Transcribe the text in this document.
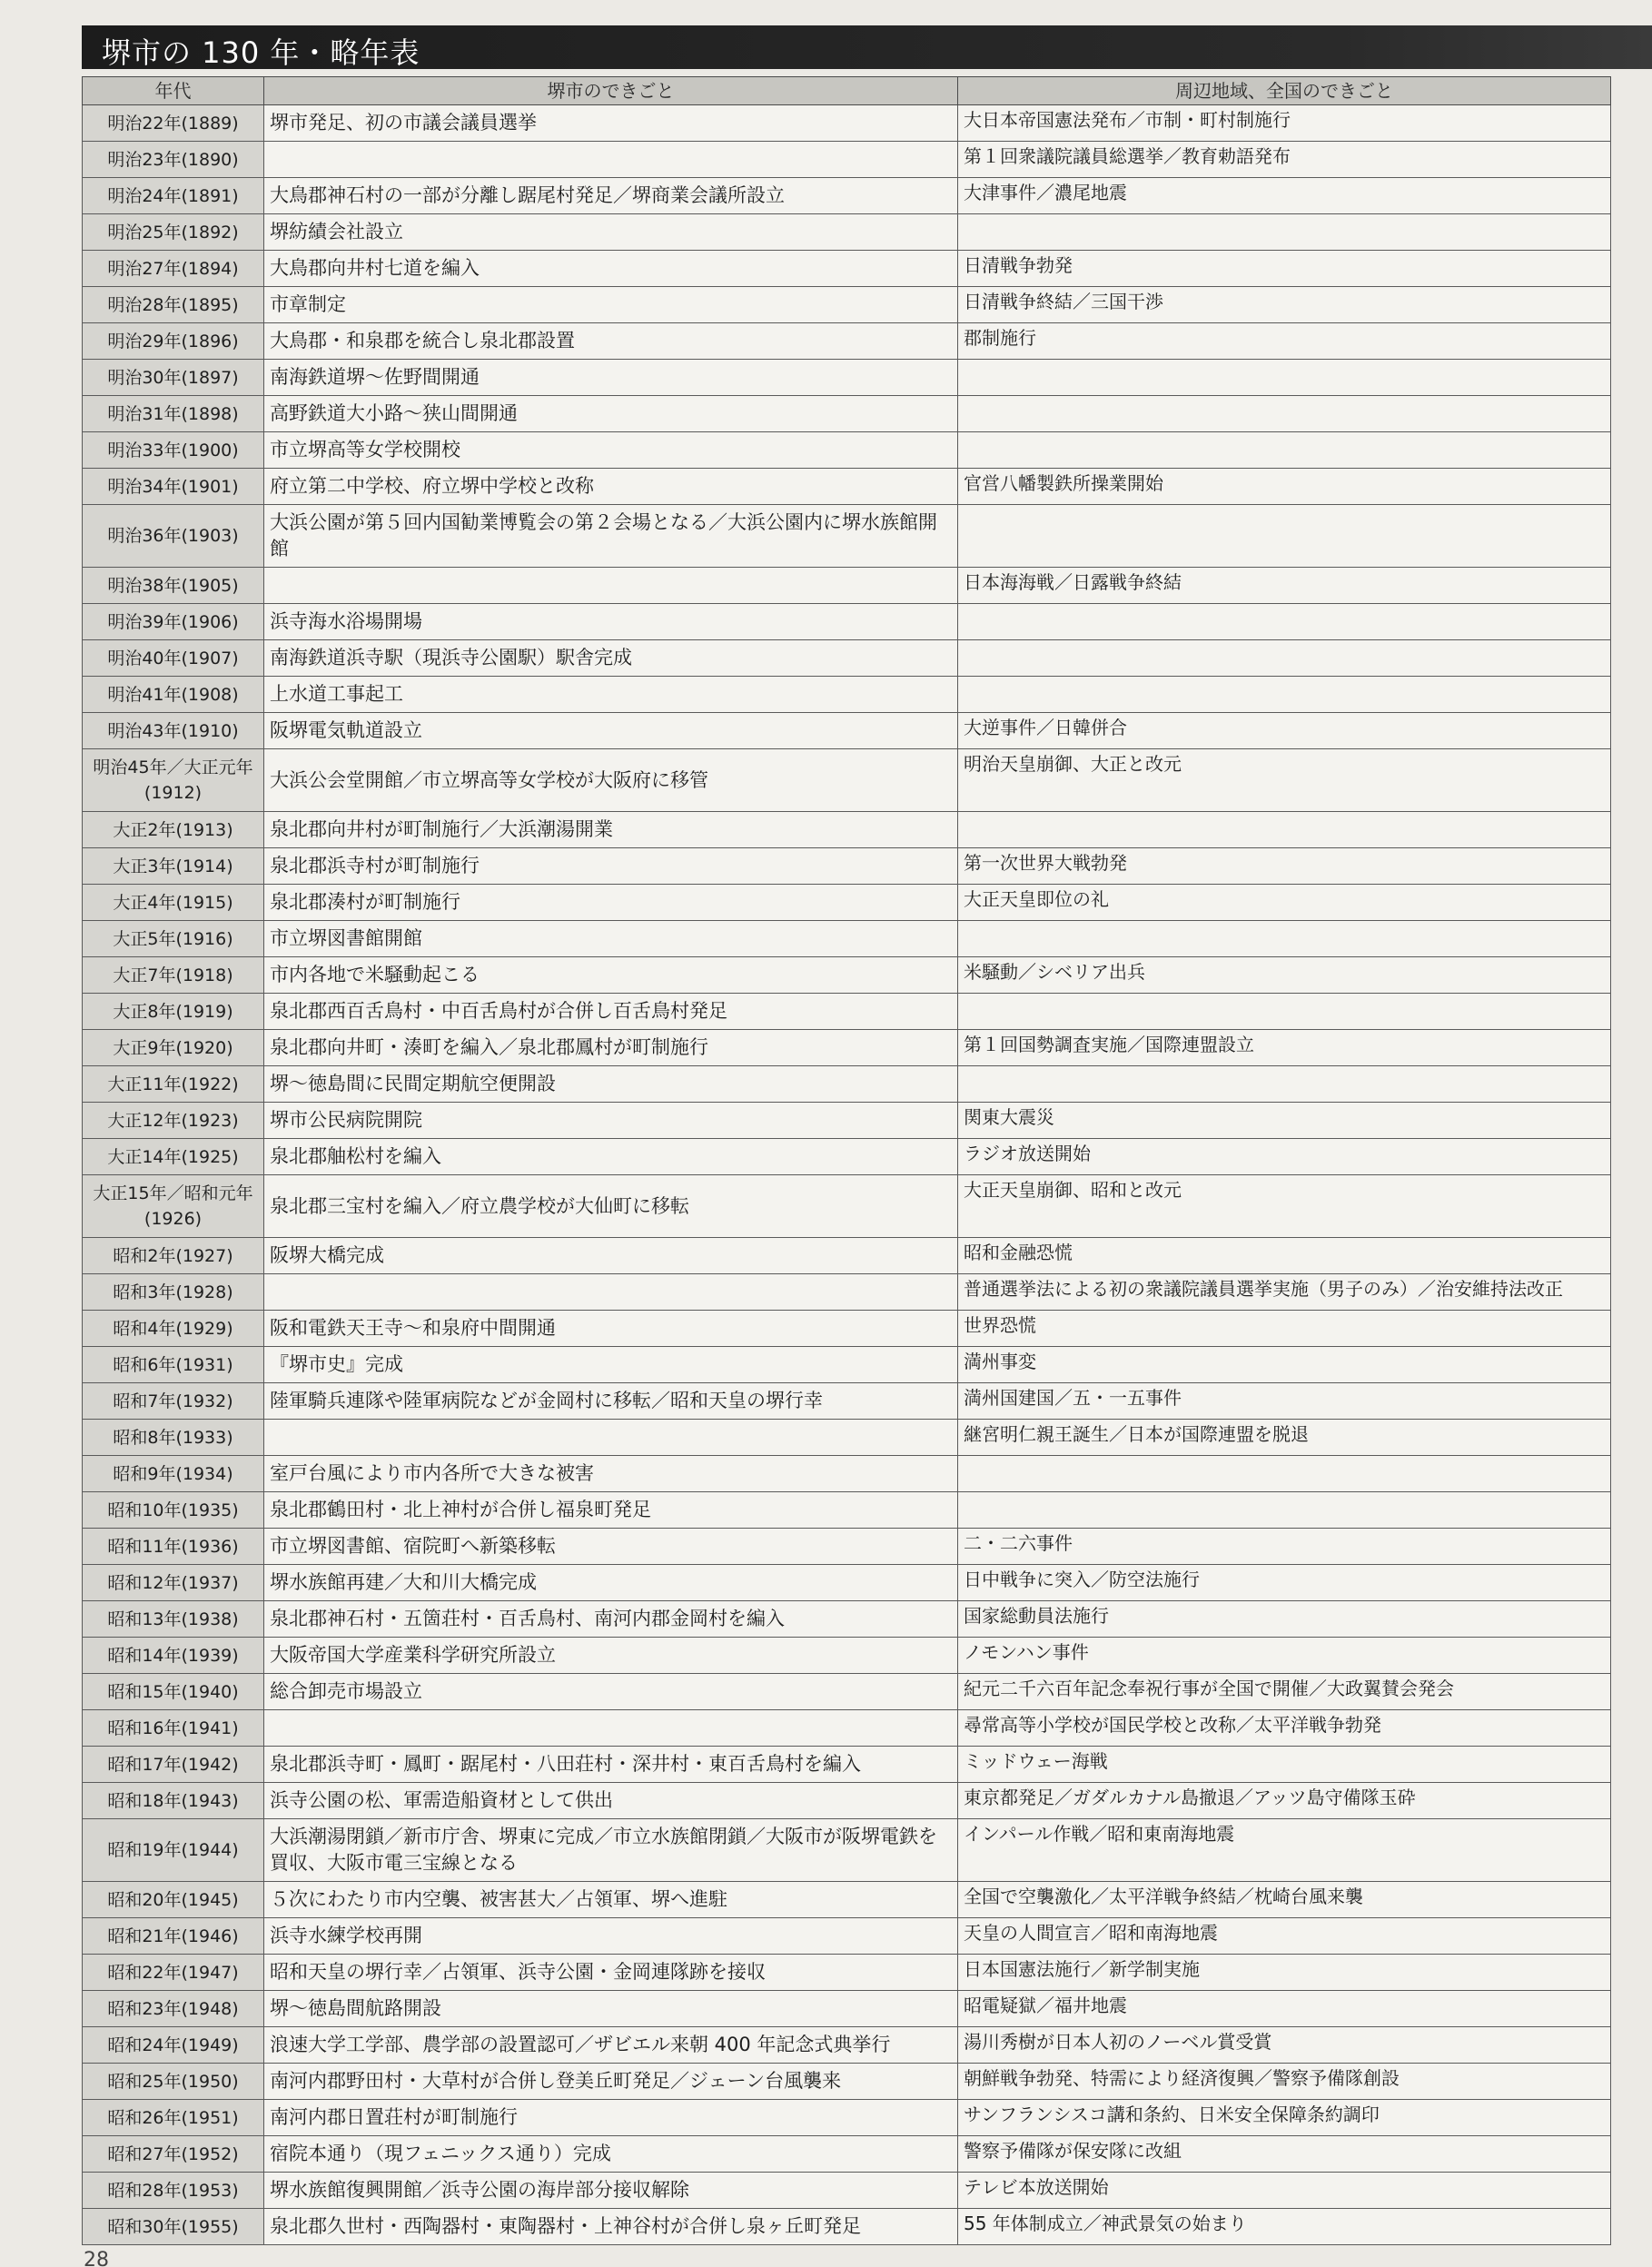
堺市の 130 年・略年表
年代	堺市のできごと	周辺地域、全国のできごと
明治22年(1889)	堺市発足、初の市議会議員選挙	大日本帝国憲法発布／市制・町村制施行
明治23年(1890)		第１回衆議院議員総選挙／教育勅語発布
明治24年(1891)	大鳥郡神石村の一部が分離し踞尾村発足／堺商業会議所設立	大津事件／濃尾地震
明治25年(1892)	堺紡績会社設立	
明治27年(1894)	大鳥郡向井村七道を編入	日清戦争勃発
明治28年(1895)	市章制定	日清戦争終結／三国干渉
明治29年(1896)	大鳥郡・和泉郡を統合し泉北郡設置	郡制施行
明治30年(1897)	南海鉄道堺～佐野間開通	
明治31年(1898)	高野鉄道大小路～狭山間開通	
明治33年(1900)	市立堺高等女学校開校	
明治34年(1901)	府立第二中学校、府立堺中学校と改称	官営八幡製鉄所操業開始
明治36年(1903)	大浜公園が第５回内国勧業博覧会の第２会場となる／大浜公園内に堺水族館開館	
明治38年(1905)		日本海海戦／日露戦争終結
明治39年(1906)	浜寺海水浴場開場	
明治40年(1907)	南海鉄道浜寺駅（現浜寺公園駅）駅舎完成	
明治41年(1908)	上水道工事起工	
明治43年(1910)	阪堺電気軌道設立	大逆事件／日韓併合
明治45年／大正元年(1912)	大浜公会堂開館／市立堺高等女学校が大阪府に移管	明治天皇崩御、大正と改元
大正2年(1913)	泉北郡向井村が町制施行／大浜潮湯開業	
大正3年(1914)	泉北郡浜寺村が町制施行	第一次世界大戦勃発
大正4年(1915)	泉北郡湊村が町制施行	大正天皇即位の礼
大正5年(1916)	市立堺図書館開館	
大正7年(1918)	市内各地で米騒動起こる	米騒動／シベリア出兵
大正8年(1919)	泉北郡西百舌鳥村・中百舌鳥村が合併し百舌鳥村発足	
大正9年(1920)	泉北郡向井町・湊町を編入／泉北郡鳳村が町制施行	第１回国勢調査実施／国際連盟設立
大正11年(1922)	堺～徳島間に民間定期航空便開設	
大正12年(1923)	堺市公民病院開院	関東大震災
大正14年(1925)	泉北郡舳松村を編入	ラジオ放送開始
大正15年／昭和元年(1926)	泉北郡三宝村を編入／府立農学校が大仙町に移転	大正天皇崩御、昭和と改元
昭和2年(1927)	阪堺大橋完成	昭和金融恐慌
昭和3年(1928)		普通選挙法による初の衆議院議員選挙実施（男子のみ）／治安維持法改正
昭和4年(1929)	阪和電鉄天王寺～和泉府中間開通	世界恐慌
昭和6年(1931)	『堺市史』完成	満州事変
昭和7年(1932)	陸軍騎兵連隊や陸軍病院などが金岡村に移転／昭和天皇の堺行幸	満州国建国／五・一五事件
昭和8年(1933)		継宮明仁親王誕生／日本が国際連盟を脱退
昭和9年(1934)	室戸台風により市内各所で大きな被害	
昭和10年(1935)	泉北郡鶴田村・北上神村が合併し福泉町発足	
昭和11年(1936)	市立堺図書館、宿院町へ新築移転	二・二六事件
昭和12年(1937)	堺水族館再建／大和川大橋完成	日中戦争に突入／防空法施行
昭和13年(1938)	泉北郡神石村・五箇荘村・百舌鳥村、南河内郡金岡村を編入	国家総動員法施行
昭和14年(1939)	大阪帝国大学産業科学研究所設立	ノモンハン事件
昭和15年(1940)	総合卸売市場設立	紀元二千六百年記念奉祝行事が全国で開催／大政翼賛会発会
昭和16年(1941)		尋常高等小学校が国民学校と改称／太平洋戦争勃発
昭和17年(1942)	泉北郡浜寺町・鳳町・踞尾村・八田荘村・深井村・東百舌鳥村を編入	ミッドウェー海戦
昭和18年(1943)	浜寺公園の松、軍需造船資材として供出	東京都発足／ガダルカナル島撤退／アッツ島守備隊玉砕
昭和19年(1944)	大浜潮湯閉鎖／新市庁舎、堺東に完成／市立水族館閉鎖／大阪市が阪堺電鉄を買収、大阪市電三宝線となる	インパール作戦／昭和東南海地震
昭和20年(1945)	５次にわたり市内空襲、被害甚大／占領軍、堺へ進駐	全国で空襲激化／太平洋戦争終結／枕崎台風来襲
昭和21年(1946)	浜寺水練学校再開	天皇の人間宣言／昭和南海地震
昭和22年(1947)	昭和天皇の堺行幸／占領軍、浜寺公園・金岡連隊跡を接収	日本国憲法施行／新学制実施
昭和23年(1948)	堺～徳島間航路開設	昭電疑獄／福井地震
昭和24年(1949)	浪速大学工学部、農学部の設置認可／ザビエル来朝 400 年記念式典挙行	湯川秀樹が日本人初のノーベル賞受賞
昭和25年(1950)	南河内郡野田村・大草村が合併し登美丘町発足／ジェーン台風襲来	朝鮮戦争勃発、特需により経済復興／警察予備隊創設
昭和26年(1951)	南河内郡日置荘村が町制施行	サンフランシスコ講和条約、日米安全保障条約調印
昭和27年(1952)	宿院本通り（現フェニックス通り）完成	警察予備隊が保安隊に改組
昭和28年(1953)	堺水族館復興開館／浜寺公園の海岸部分接収解除	テレビ本放送開始
昭和30年(1955)	泉北郡久世村・西陶器村・東陶器村・上神谷村が合併し泉ヶ丘町発足	55 年体制成立／神武景気の始まり
28
